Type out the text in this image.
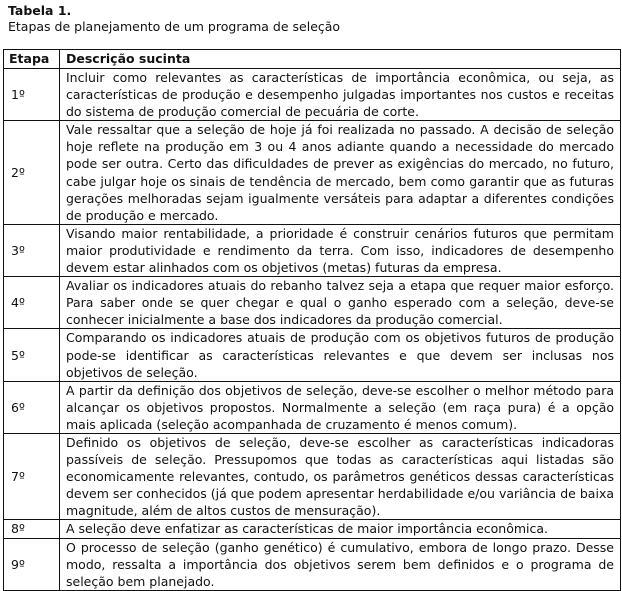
Tabela 1.
Etapas de planejamento de um programa de seleção
Etapa	Descrição sucinta
1º	Incluir como relevantes as características de importância econômica, ou seja, as características de produção e desempenho julgadas importantes nos custos e receitas do sistema de produção comercial de pecuária de corte.
2º	Vale ressaltar que a seleção de hoje já foi realizada no passado. A decisão de seleção hoje reflete na produção em 3 ou 4 anos adiante quando a necessidade do mercado pode ser outra. Certo das dificuldades de prever as exigências do mercado, no futuro, cabe julgar hoje os sinais de tendência de mercado, bem como garantir que as futuras gerações melhoradas sejam igualmente versáteis para adaptar a diferentes condições de produção e mercado.
3º	Visando maior rentabilidade, a prioridade é construir cenários futuros que permitam maior produtividade e rendimento da terra. Com isso, indicadores de desempenho devem estar alinhados com os objetivos (metas) futuras da empresa.
4º	Avaliar os indicadores atuais do rebanho talvez seja a etapa que requer maior esforço. Para saber onde se quer chegar e qual o ganho esperado com a seleção, deve-se conhecer inicialmente a base dos indicadores da produção comercial.
5º	Comparando os indicadores atuais de produção com os objetivos futuros de produção pode-se identificar as características relevantes e que devem ser inclusas nos objetivos de seleção.
6º	A partir da definição dos objetivos de seleção, deve-se escolher o melhor método para alcançar os objetivos propostos. Normalmente a seleção (em raça pura) é a opção mais aplicada (seleção acompanhada de cruzamento é menos comum).
7º	Definido os objetivos de seleção, deve-se escolher as características indicadoras passíveis de seleção. Pressupomos que todas as características aqui listadas são economicamente relevantes, contudo, os parâmetros genéticos dessas características devem ser conhecidos (já que podem apresentar herdabilidade e/ou variância de baixa magnitude, além de altos custos de mensuração).
8º	A seleção deve enfatizar as características de maior importância econômica.
9º	O processo de seleção (ganho genético) é cumulativo, embora de longo prazo. Desse modo, ressalta a importância dos objetivos serem bem definidos e o programa de seleção bem planejado.
